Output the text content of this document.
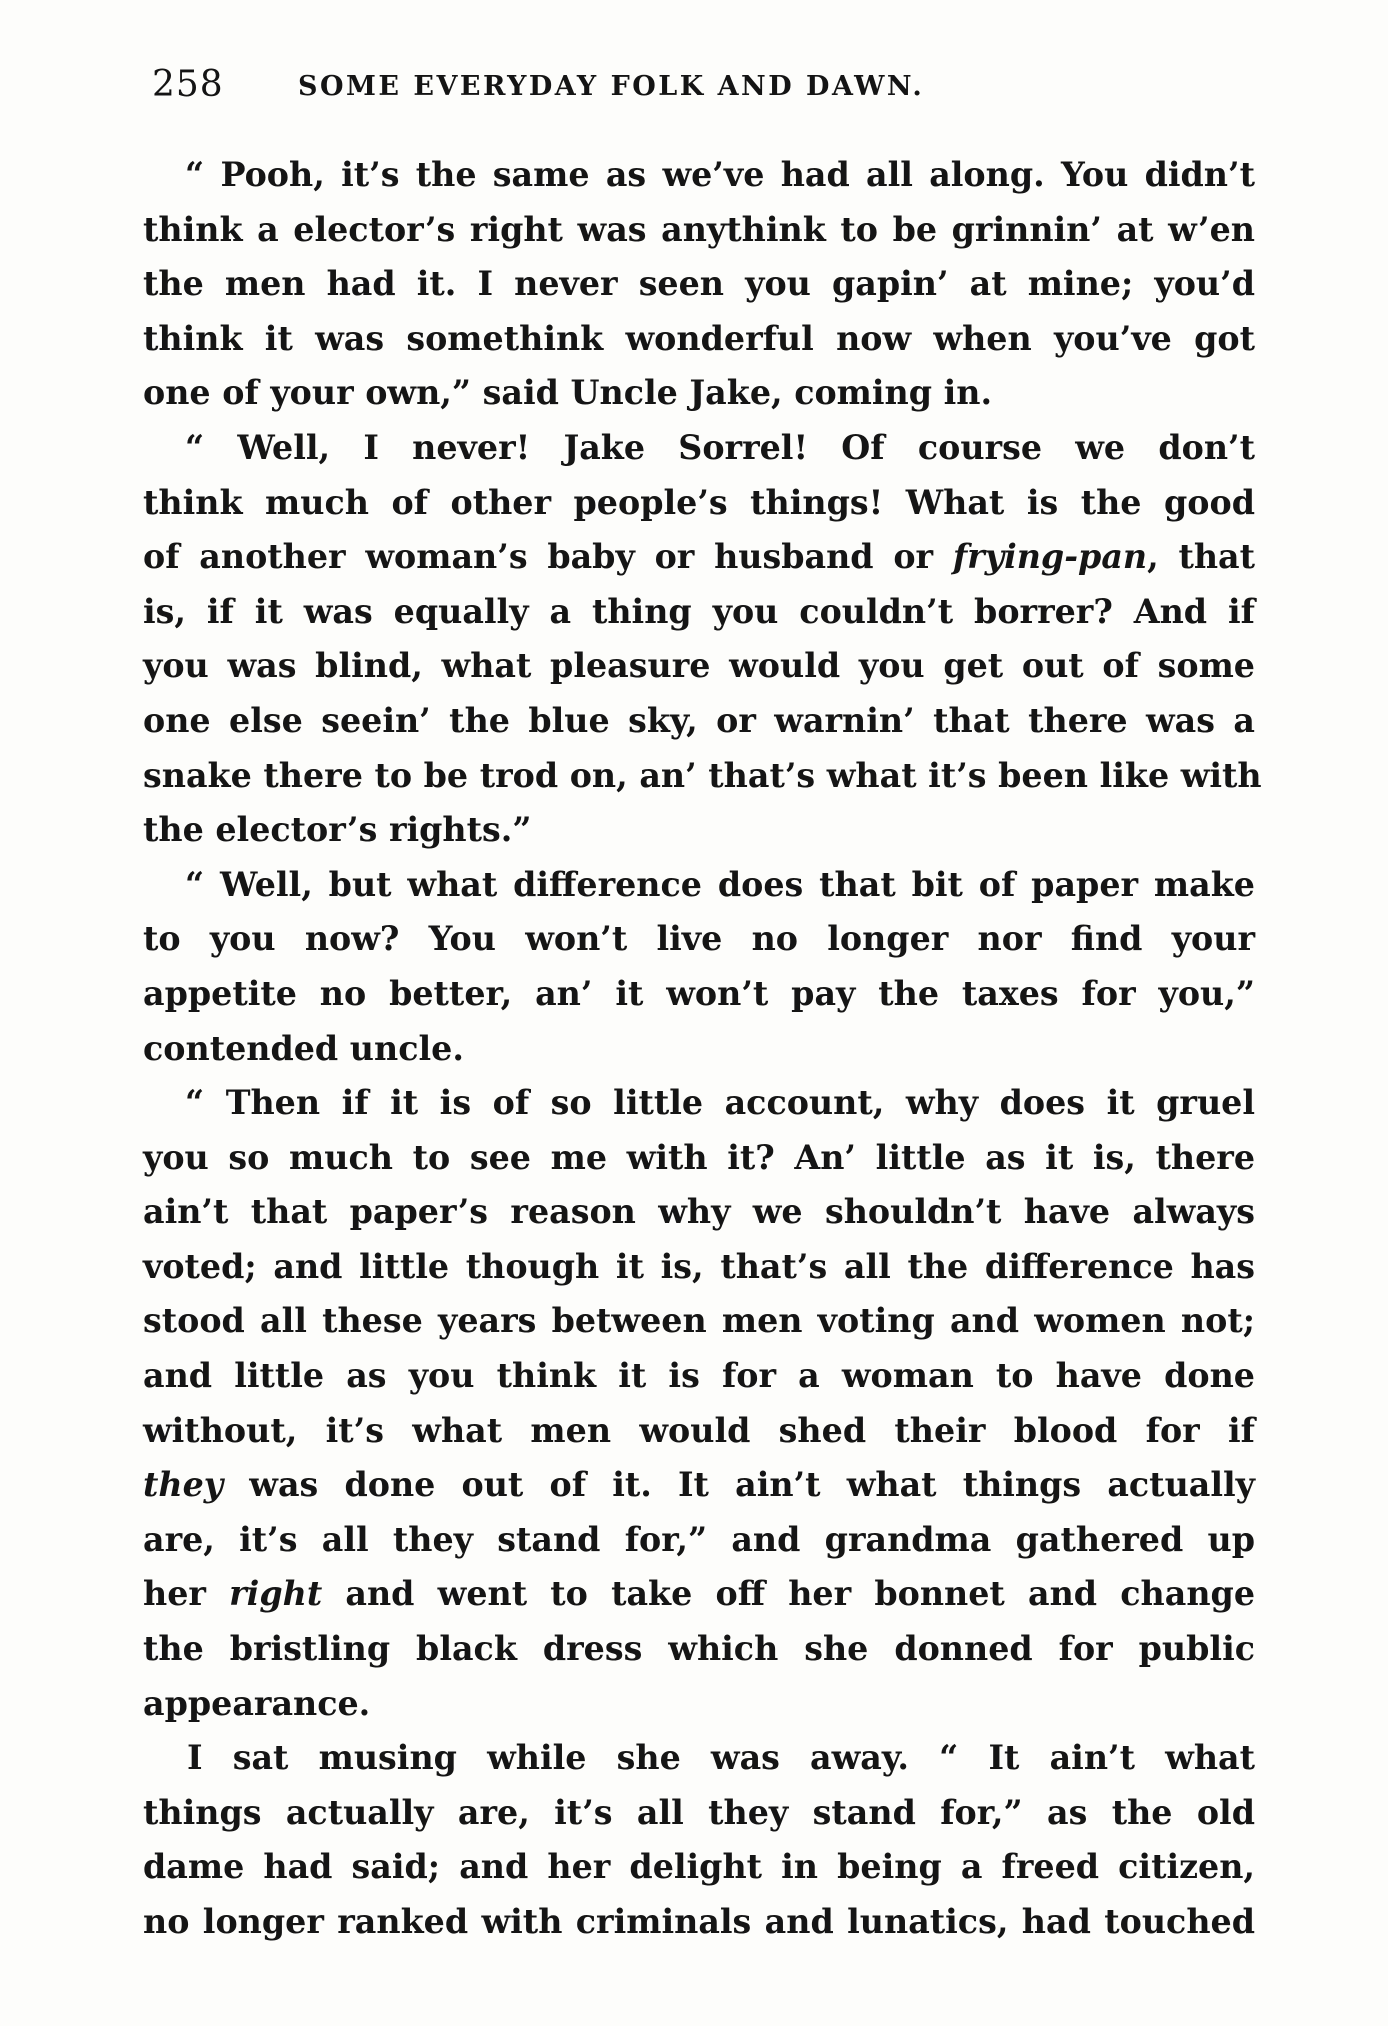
258	SOME EVERYDAY FOLK AND DAWN.
“ Pooh, it’s the same as we’ve had all along. You didn’t
think a elector’s right was anythink to be grinnin’ at w’en
the men had it. I never seen you gapin’ at mine; you’d
think it was somethink wonderful now when you’ve got
one of your own,” said Uncle Jake, coming in.
“ Well, I never! Jake Sorrel! Of course we don’t
think much of other people’s things! What is the good
of another woman’s baby or husband or frying-pan, that
is, if it was equally a thing you couldn’t borrer? And if
you was blind, what pleasure would you get out of some
one else seein’ the blue sky, or warnin’ that there was a
snake there to be trod on, an’ that’s what it’s been like with
the elector’s rights.”
“ Well, but what difference does that bit of paper make
to you now? You won’t live no longer nor find your
appetite no better, an’ it won’t pay the taxes for you,”
contended uncle.
“ Then if it is of so little account, why does it gruel
you so much to see me with it? An’ little as it is, there
ain’t that paper’s reason why we shouldn’t have always
voted; and little though it is, that’s all the difference has
stood all these years between men voting and women not;
and little as you think it is for a woman to have done
without, it’s what men would shed their blood for if
they was done out of it. It ain’t what things actually
are, it’s all they stand for,” and grandma gathered up
her right and went to take off her bonnet and change
the bristling black dress which she donned for public
appearance.
I sat musing while she was away. “ It ain’t what
things actually are, it’s all they stand for,” as the old
dame had said; and her delight in being a freed citizen,
no longer ranked with criminals and lunatics, had touched
